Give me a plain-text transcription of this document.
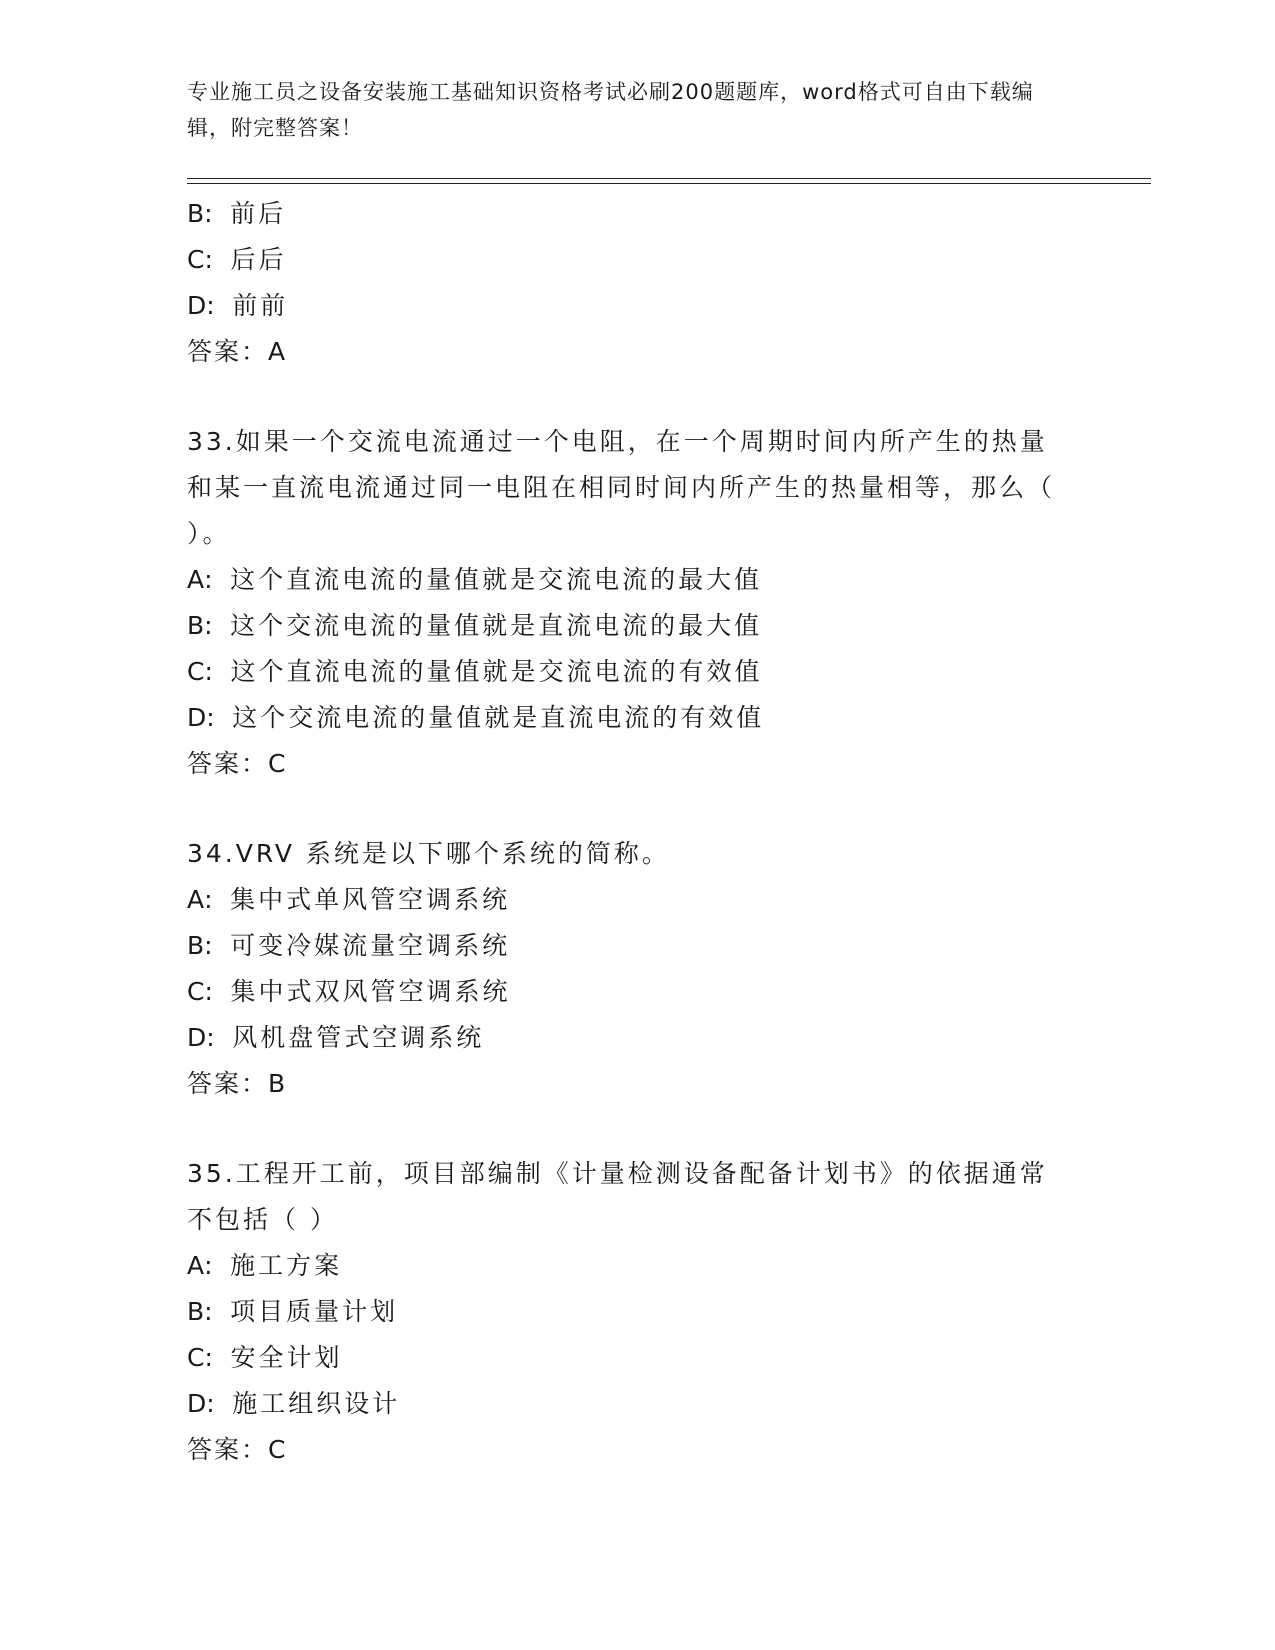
专业施工员之设备安装施工基础知识资格考试必刷200题题库，word格式可自由下载编辑，附完整答案！
B: 前后
C: 后后
D: 前前
答案：A
33.如果一个交流电流通过一个电阻，在一个周期时间内所产生的热量和某一直流电流通过同一电阻在相同时间内所产生的热量相等，那么（ ）。
A: 这个直流电流的量值就是交流电流的最大值
B: 这个交流电流的量值就是直流电流的最大值
C: 这个直流电流的量值就是交流电流的有效值
D: 这个交流电流的量值就是直流电流的有效值
答案：C
34.VRV 系统是以下哪个系统的简称。
A: 集中式单风管空调系统
B: 可变冷媒流量空调系统
C: 集中式双风管空调系统
D: 风机盘管式空调系统
答案：B
35.工程开工前，项目部编制《计量检测设备配备计划书》的依据通常不包括（ ）
A: 施工方案
B: 项目质量计划
C: 安全计划
D: 施工组织设计
答案：C
